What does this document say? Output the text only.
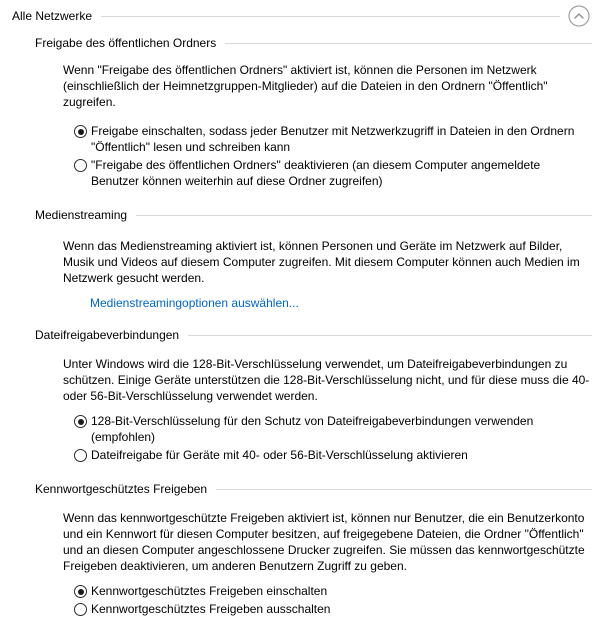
Alle Netzwerke
Freigabe des öffentlichen Ordners
Wenn "Freigabe des öffentlichen Ordners" aktiviert ist, können die Personen im Netzwerk
(einschließlich der Heimnetzgruppen-Mitglieder) auf die Dateien in den Ordnern "Öffentlich"
zugreifen.
Freigabe einschalten, sodass jeder Benutzer mit Netzwerkzugriff in Dateien in den Ordnern
"Öffentlich" lesen und schreiben kann
"Freigabe des öffentlichen Ordners" deaktivieren (an diesem Computer angemeldete
Benutzer können weiterhin auf diese Ordner zugreifen)
Medienstreaming
Wenn das Medienstreaming aktiviert ist, können Personen und Geräte im Netzwerk auf Bilder,
Musik und Videos auf diesem Computer zugreifen. Mit diesem Computer können auch Medien im
Netzwerk gesucht werden.
Medienstreamingoptionen auswählen...
Dateifreigabeverbindungen
Unter Windows wird die 128-Bit-Verschlüsselung verwendet, um Dateifreigabeverbindungen zu
schützen. Einige Geräte unterstützen die 128-Bit-Verschlüsselung nicht, und für diese muss die 40-
oder 56-Bit-Verschlüsselung verwendet werden.
128-Bit-Verschlüsselung für den Schutz von Dateifreigabeverbindungen verwenden
(empfohlen)
Dateifreigabe für Geräte mit 40- oder 56-Bit-Verschlüsselung aktivieren
Kennwortgeschütztes Freigeben
Wenn das kennwortgeschützte Freigeben aktiviert ist, können nur Benutzer, die ein Benutzerkonto
und ein Kennwort für diesen Computer besitzen, auf freigegebene Dateien, die Ordner "Öffentlich"
und an diesen Computer angeschlossene Drucker zugreifen. Sie müssen das kennwortgeschützte
Freigeben deaktivieren, um anderen Benutzern Zugriff zu geben.
Kennwortgeschütztes Freigeben einschalten
Kennwortgeschütztes Freigeben ausschalten
